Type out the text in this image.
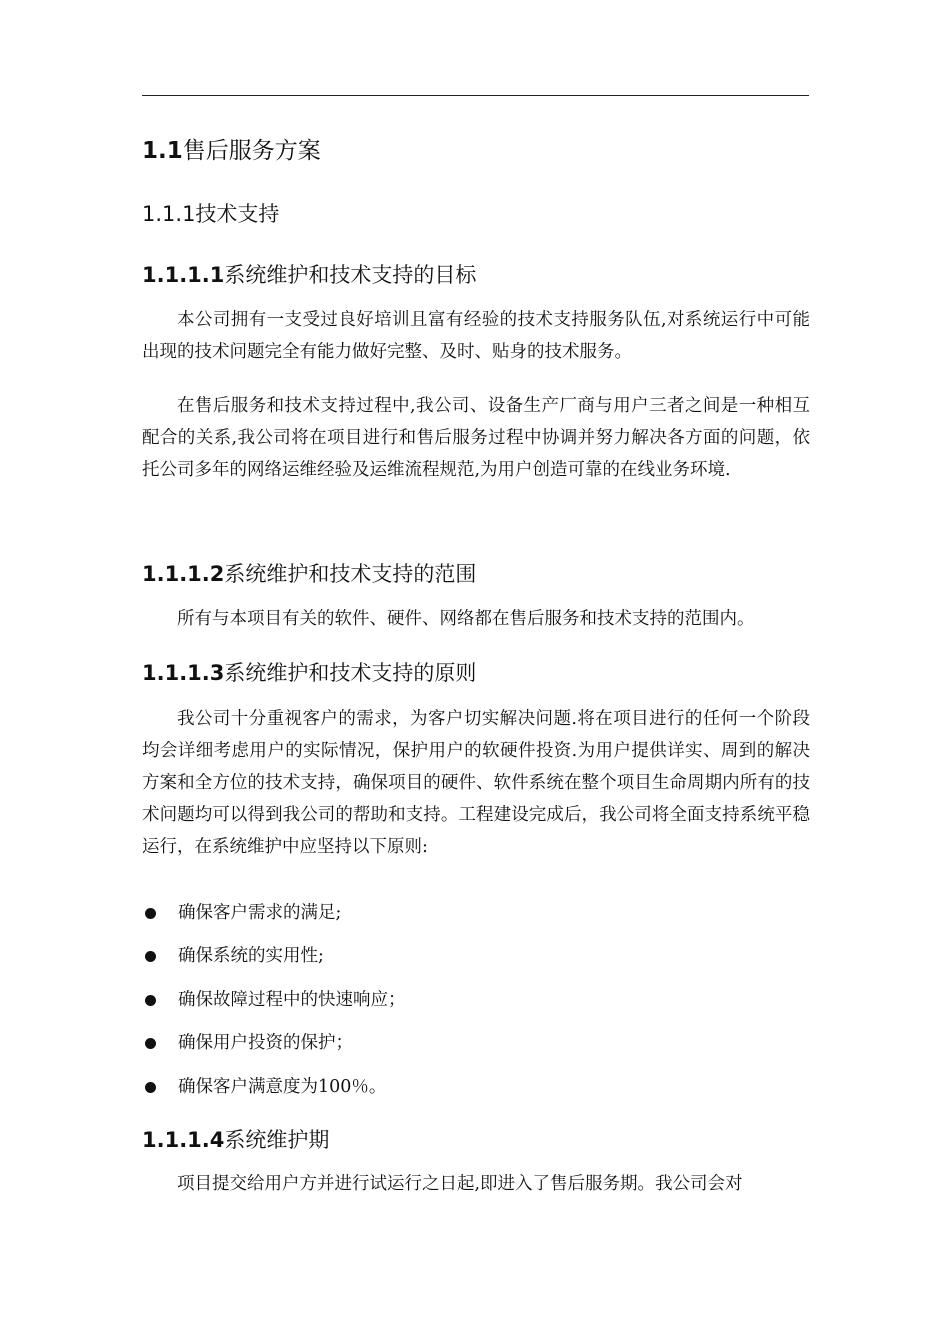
1.1售后服务方案
1.1.1技术支持
1.1.1.1系统维护和技术支持的目标

本公司拥有一支受过良好培训且富有经验的技术支持服务队伍,对系统运行中可能出现的技术问题完全有能力做好完整、及时、贴身的技术服务。

在售后服务和技术支持过程中,我公司、设备生产厂商与用户三者之间是一种相互配合的关系,我公司将在项目进行和售后服务过程中协调并努力解决各方面的问题，依托公司多年的网络运维经验及运维流程规范,为用户创造可靠的在线业务环境.

1.1.1.2系统维护和技术支持的范围

所有与本项目有关的软件、硬件、网络都在售后服务和技术支持的范围内。

1.1.1.3系统维护和技术支持的原则

我公司十分重视客户的需求，为客户切实解决问题.将在项目进行的任何一个阶段均会详细考虑用户的实际情况，保护用户的软硬件投资.为用户提供详实、周到的解决方案和全方位的技术支持，确保项目的硬件、软件系统在整个项目生命周期内所有的技术问题均可以得到我公司的帮助和支持。工程建设完成后，我公司将全面支持系统平稳运行，在系统维护中应坚持以下原则:

确保客户需求的满足;
确保系统的实用性;
确保故障过程中的快速响应；
确保用户投资的保护；
确保客户满意度为100％。
1.1.1.4系统维护期

项目提交给用户方并进行试运行之日起,即进入了售后服务期。我公司会对
